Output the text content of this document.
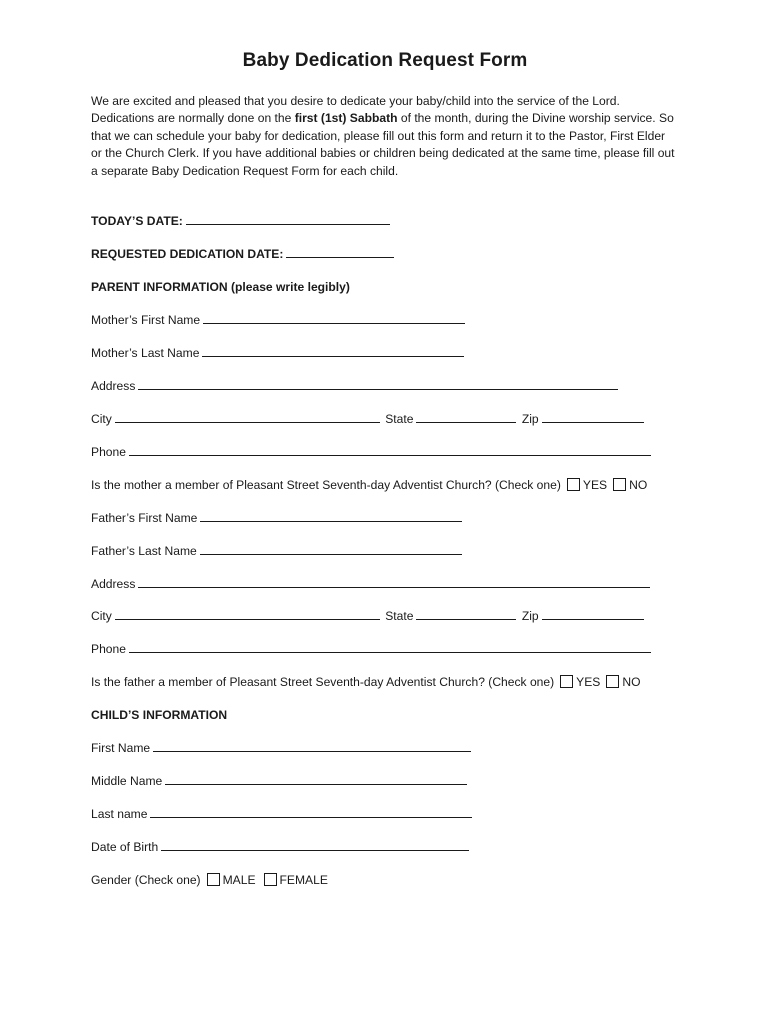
Baby Dedication Request Form
We are excited and pleased that you desire to dedicate your baby/child into the service of the Lord. Dedications are normally done on the first (1st) Sabbath of the month, during the Divine worship service. So that we can schedule your baby for dedication, please fill out this form and return it to the Pastor, First Elder or the Church Clerk. If you have additional babies or children being dedicated at the same time, please fill out a separate Baby Dedication Request Form for each child.
TODAY’S DATE:
REQUESTED DEDICATION DATE:
PARENT INFORMATION (please write legibly)
Mother’s First Name
Mother’s Last Name
Address
City	State	Zip
Phone
Is the mother a member of Pleasant Street Seventh-day Adventist Church? (Check one) YES NO
Father’s First Name
Father’s Last Name
Address
City	State	Zip
Phone
Is the father a member of Pleasant Street Seventh-day Adventist Church? (Check one) YES NO
CHILD’S INFORMATION
First Name
Middle Name
Last name
Date of Birth
Gender (Check one) MALE FEMALE
